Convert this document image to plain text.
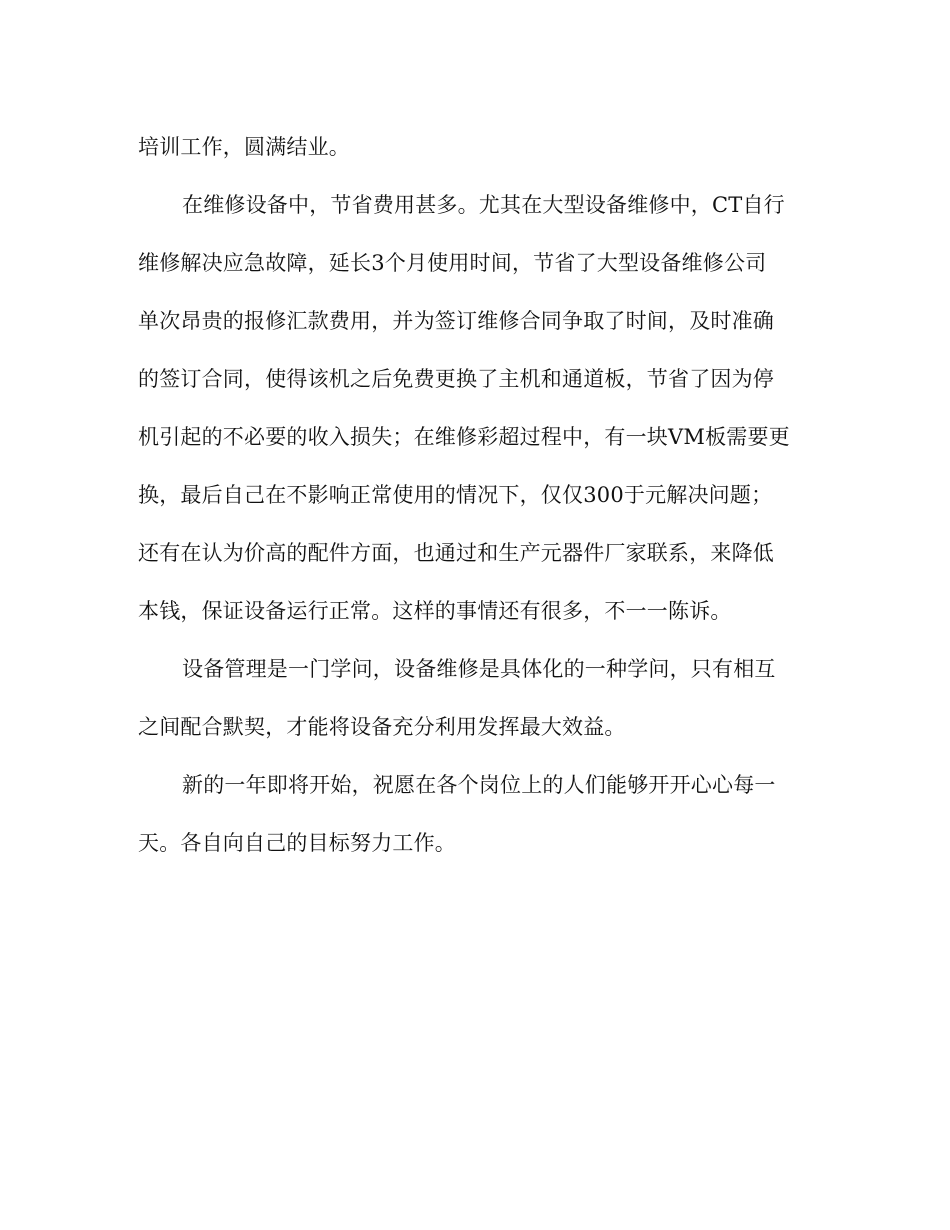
培训工作，圆满结业。
在维修设备中，节省费用甚多。尤其在大型设备维修中，CT自行
维修解决应急故障，延长3个月使用时间，节省了大型设备维修公司
单次昂贵的报修汇款费用，并为签订维修合同争取了时间，及时准确
的签订合同，使得该机之后免费更换了主机和通道板，节省了因为停
机引起的不必要的收入损失；在维修彩超过程中，有一块VM板需要更
换，最后自己在不影响正常使用的情况下，仅仅300于元解决问题；
还有在认为价高的配件方面，也通过和生产元器件厂家联系，来降低
本钱，保证设备运行正常。这样的事情还有很多，不一一陈诉。
设备管理是一门学问，设备维修是具体化的一种学问，只有相互
之间配合默契，才能将设备充分利用发挥最大效益。
新的一年即将开始，祝愿在各个岗位上的人们能够开开心心每一
天。各自向自己的目标努力工作。
